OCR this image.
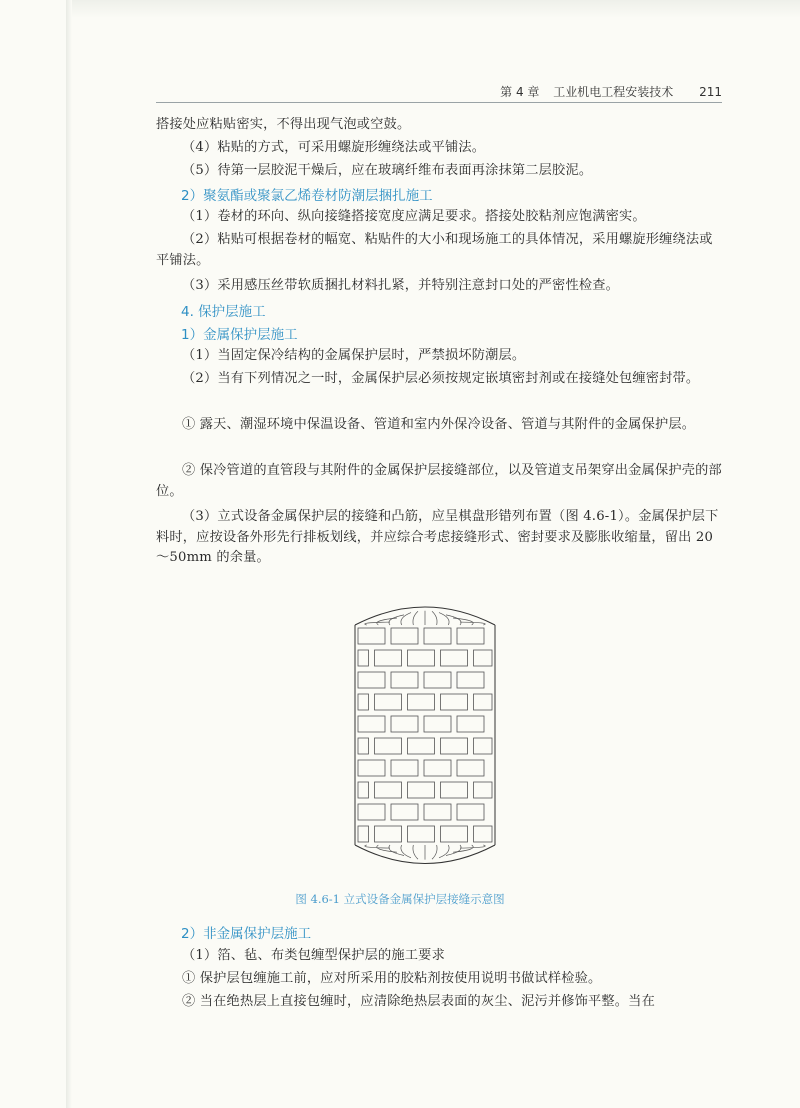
第 4 章 工业机电工程安装技术 211

搭接处应粘贴密实，不得出现气泡或空鼓。

（4）粘贴的方式，可采用螺旋形缠绕法或平铺法。

（5）待第一层胶泥干燥后，应在玻璃纤维布表面再涂抹第二层胶泥。

2）聚氨酯或聚氯乙烯卷材防潮层捆扎施工

（1）卷材的环向、纵向接缝搭接宽度应满足要求。搭接处胶粘剂应饱满密实。

（2）粘贴可根据卷材的幅宽、粘贴件的大小和现场施工的具体情况，采用螺旋形缠绕法或平铺法。

（3）采用感压丝带软质捆扎材料扎紧，并特别注意封口处的严密性检查。

4. 保护层施工

1）金属保护层施工

（1）当固定保冷结构的金属保护层时，严禁损坏防潮层。

（2）当有下列情况之一时，金属保护层必须按规定嵌填密封剂或在接缝处包缠密封带。

① 露天、潮湿环境中保温设备、管道和室内外保冷设备、管道与其附件的金属保护层。

② 保冷管道的直管段与其附件的金属保护层接缝部位，以及管道支吊架穿出金属保护壳的部位。

（3）立式设备金属保护层的接缝和凸筋，应呈棋盘形错列布置（图 4.6-1）。金属保护层下料时，应按设备外形先行排板划线，并应综合考虑接缝形式、密封要求及膨胀收缩量，留出 20～50mm 的余量。

图 4.6-1 立式设备金属保护层接缝示意图

2）非金属保护层施工

（1）箔、毡、布类包缠型保护层的施工要求

① 保护层包缠施工前，应对所采用的胶粘剂按使用说明书做试样检验。

② 当在绝热层上直接包缠时，应清除绝热层表面的灰尘、泥污并修饰平整。当在
